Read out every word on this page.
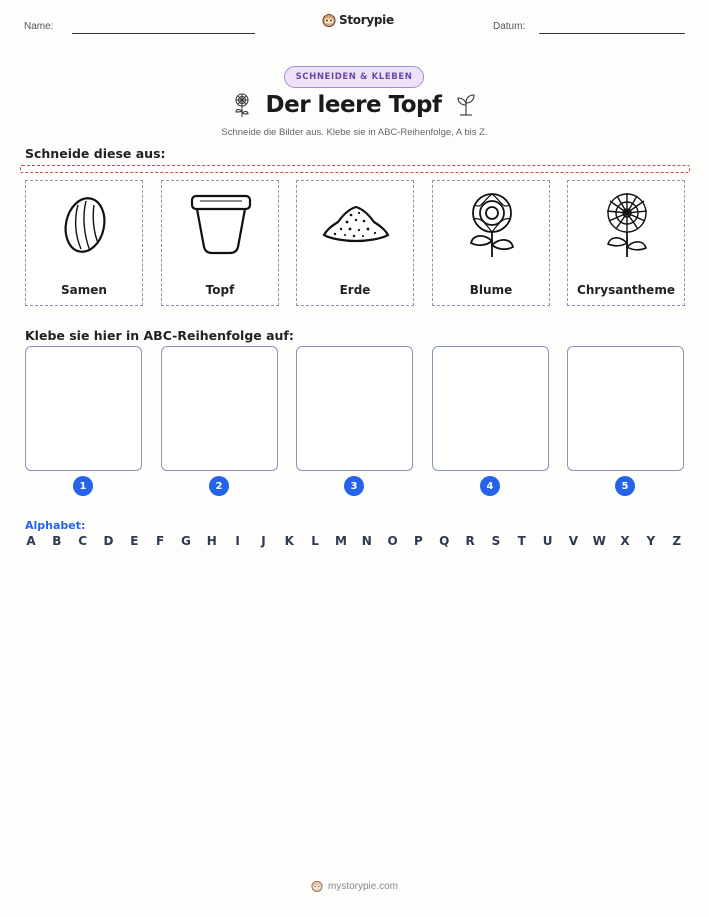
Name:	Storypie	Datum:
SCHNEIDEN & KLEBEN
Der leere Topf
Schneide die Bilder aus. Klebe sie in ABC-Reihenfolge, A bis Z.
Schneide diese aus:
Samen	Topf	Erde	Blume	Chrysantheme
Klebe sie hier in ABC-Reihenfolge auf:
1	2	3	4	5
Alphabet:
A B C D E F G H	I	J	K L M N O P Q R S T U V W X Y Z
mystorypie.com
